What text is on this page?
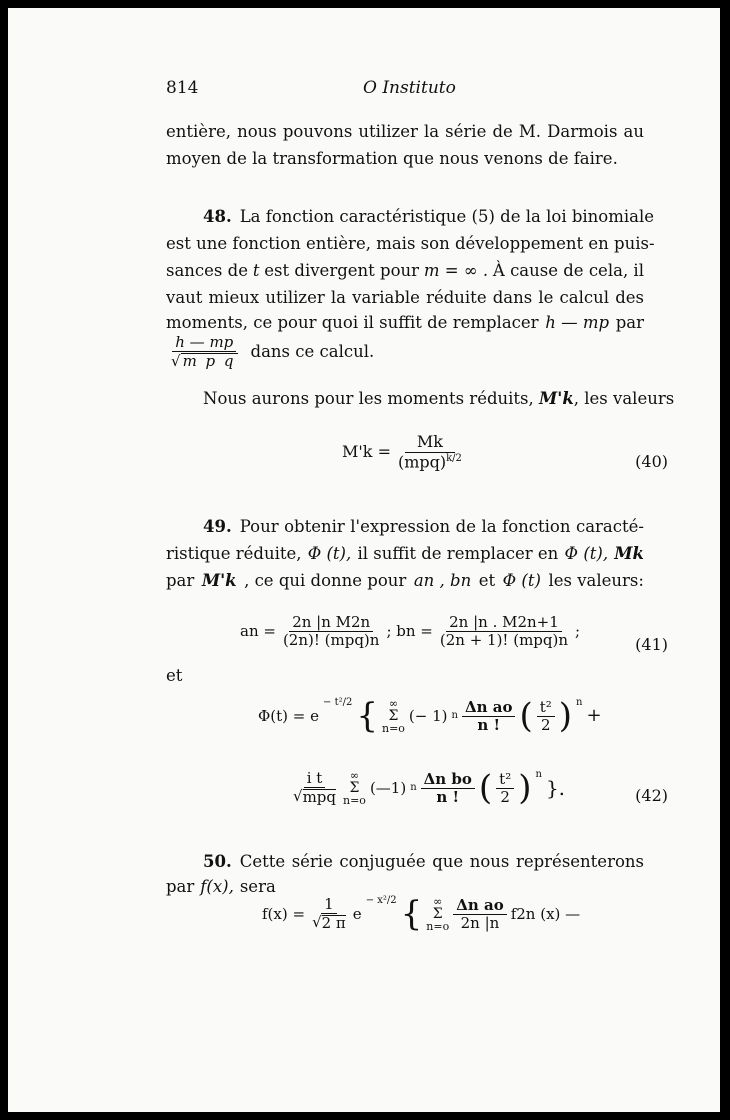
814	O Instituto
entière, nous pouvons utilizer la série de M. Darmois au
moyen de la transformation que nous venons de faire.
48. La fonction caractéristique (5) de la loi binomiale
est une fonction entière, mais son développement en puis-
sances de t est divergent pour m = ∞ . À cause de cela, il
vaut mieux utilizer la variable réduite dans le calcul des
moments, ce pour quoi il suffit de remplacer h — mp par
$\frac{h — mp}{\text{√ m p q}}$ dans ce calcul.
Nous aurons pour les moments réduits, M'k, les valeurs
$M'k = \frac{Mk}{(mpq)^{k/2}}$	(40)
49. Pour obtenir l'expression de la fonction caracté-
ristique réduite, Φ (t), il suffit de remplacer en Φ (t), Mk
par M'k , ce qui donne pour an , bn et Φ (t) les valeurs:
an = $\frac{\text{2n |n M2n}}{\text{(2n)! (mpq)n}}$ ; bn = $\frac{2n |n . M2n+1}{\text{(2n + 1)! (mpq)n}}$ ;
(41)
et
Φ(t) = e
− t²/2 { ∞
Σ
n=o
(− 1) n $\frac{\text{Δn ao}}{n !}$ ( $\frac{\text{t²}}{2}$ ) n
+
$\frac{\text{i t}}{\text{√ mpq}}$ ∞
Σ
n=o
(—1) n $\frac{\text{Δn bo}}{n !}$ ( $\frac{\text{t²}}{2}$ ) n
}.	(42)
50. Cette série conjuguée que nous représenterons
par f(x), sera
$f(x) = \frac{1}{√ 2 \pi}$ e
− x²/2 { ∞
Σ
$n=o \frac{\text{Δn ao}}{2n |n} f2n$ (x) —
